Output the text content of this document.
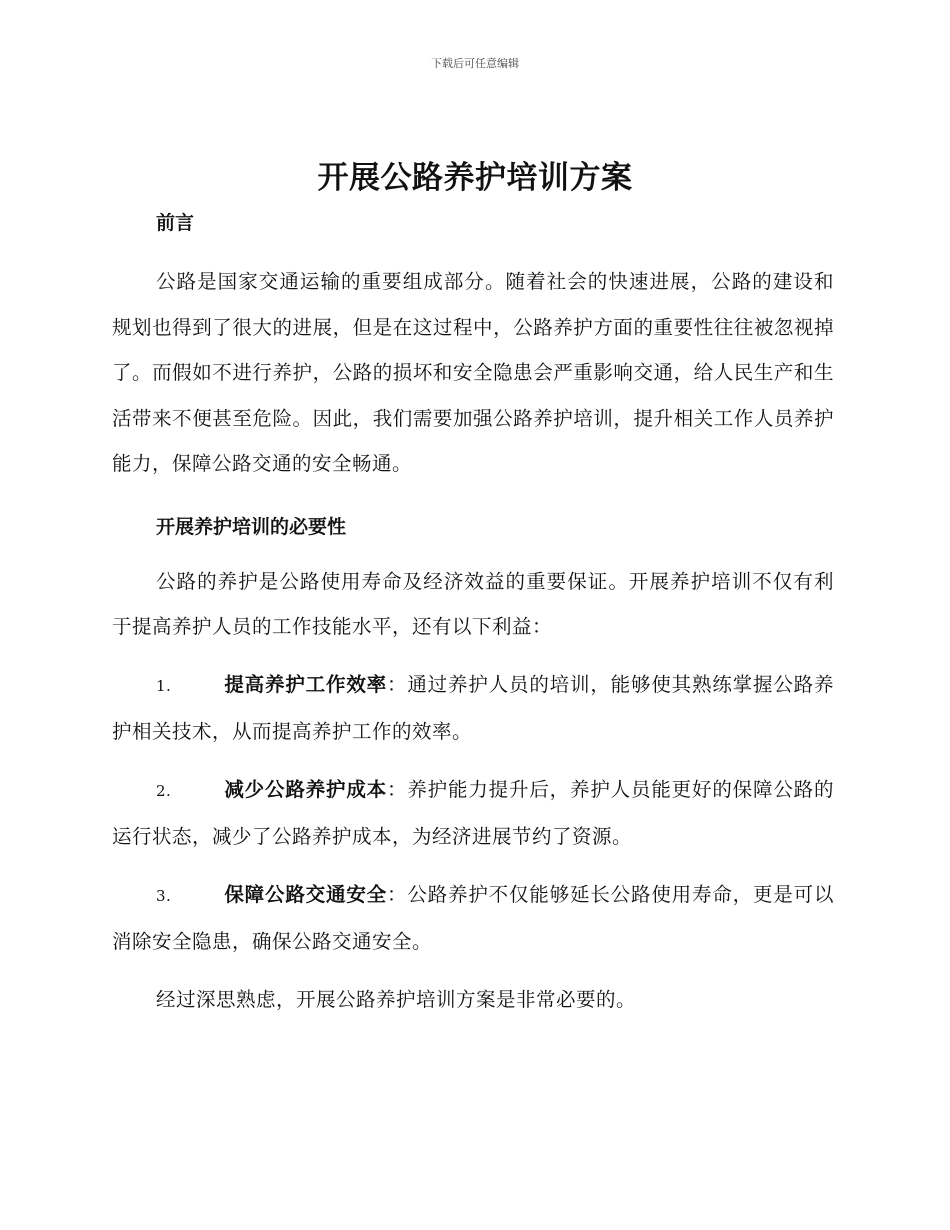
下载后可任意编辑
开展公路养护培训方案
前言

公路是国家交通运输的重要组成部分。随着社会的快速进展，公路的建设和规划也得到了很大的进展，但是在这过程中，公路养护方面的重要性往往被忽视掉了。而假如不进行养护，公路的损坏和安全隐患会严重影响交通，给人民生产和生活带来不便甚至危险。因此，我们需要加强公路养护培训，提升相关工作人员养护能力，保障公路交通的安全畅通。

开展养护培训的必要性

公路的养护是公路使用寿命及经济效益的重要保证。开展养护培训不仅有利于提高养护人员的工作技能水平，还有以下利益：

1.	提高养护工作效率：通过养护人员的培训，能够使其熟练掌握公路养护相关技术，从而提高养护工作的效率。

2.	减少公路养护成本：养护能力提升后，养护人员能更好的保障公路的运行状态，减少了公路养护成本，为经济进展节约了资源。

3.	保障公路交通安全：公路养护不仅能够延长公路使用寿命，更是可以消除安全隐患，确保公路交通安全。

经过深思熟虑，开展公路养护培训方案是非常必要的。
